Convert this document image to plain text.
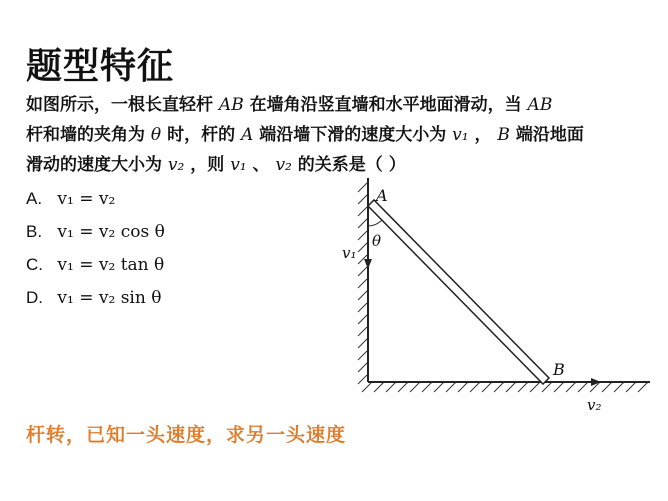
题型特征
如图所示，一根长直轻杆 AB 在墙角沿竖直墙和水平地面滑动，当 AB
杆和墙的夹角为 θ 时，杆的 A 端沿墙下滑的速度大小为 v₁ ， B 端沿地面
滑动的速度大小为 v₂ ，则 v₁ 、 v₂ 的关系是（ ）
A. v₁ = v₂
B. v₁ = v₂ cos θ
C. v₁ = v₂ tan θ
D. v₁ = v₂ sin θ
A
θ
v₁
B
v₂
杆转，已知一头速度，求另一头速度
